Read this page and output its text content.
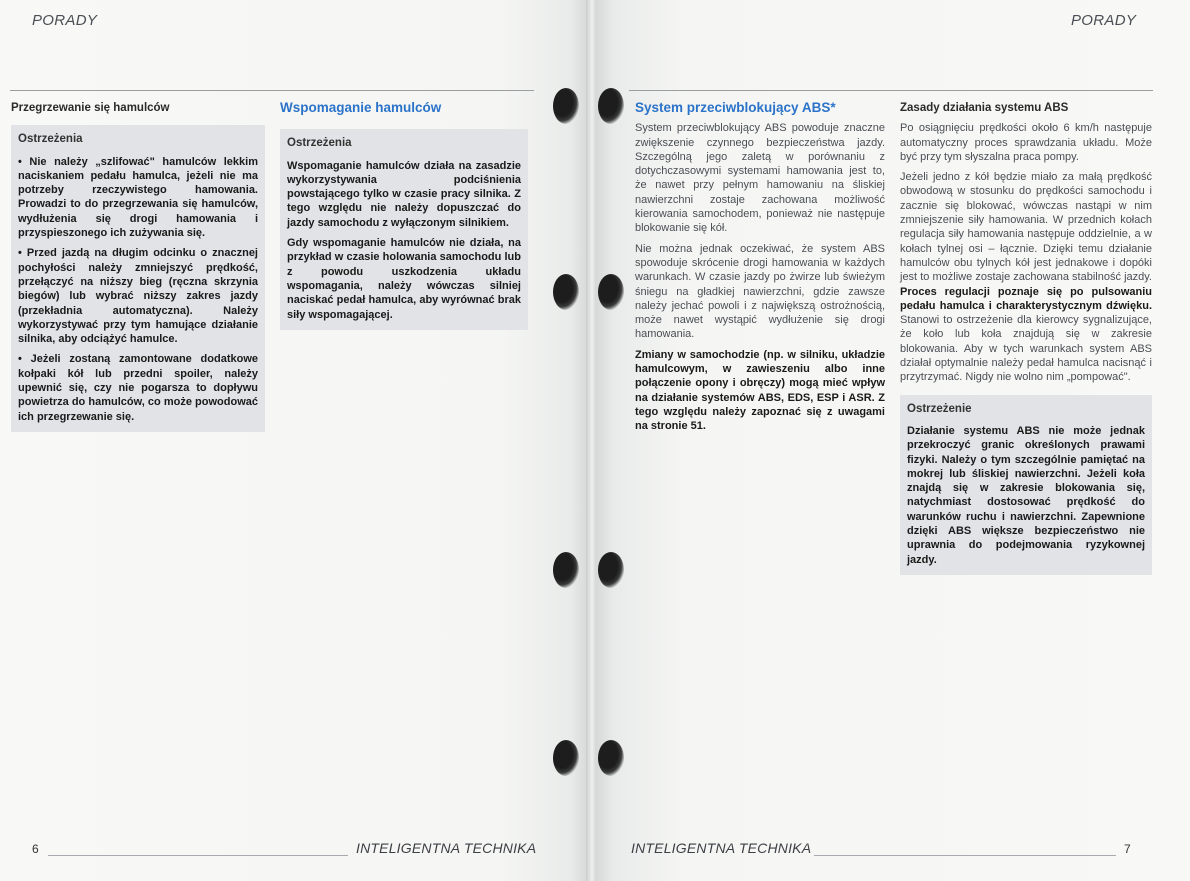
PORADY
Przegrzewanie się hamulców
Ostrzeżenia

• Nie należy „szlifować" hamulców lekkim naciskaniem pedału hamulca, jeżeli nie ma potrzeby rzeczywistego hamowania. Prowadzi to do przegrzewania się hamulców, wydłużenia się drogi hamowania i przyspieszonego ich zużywania się.

• Przed jazdą na długim odcinku o znacznej pochyłości należy zmniejszyć prędkość, przełączyć na niższy bieg (ręczna skrzynia biegów) lub wybrać niższy zakres jazdy (przekładnia automatyczna). Należy wykorzystywać przy tym hamujące działanie silnika, aby odciążyć hamulce.

• Jeżeli zostaną zamontowane dodatkowe kołpaki kół lub przedni spoiler, należy upewnić się, czy nie pogarsza to dopływu powietrza do hamulców, co może powodować ich przegrzewanie się.

Wspomaganie hamulców
Ostrzeżenia

Wspomaganie hamulców działa na zasadzie wykorzystywania podciśnienia powstającego tylko w czasie pracy silnika. Z tego względu nie należy dopuszczać do jazdy samochodu z wyłączonym silnikiem.

Gdy wspomaganie hamulców nie działa, na przykład w czasie holowania samochodu lub z powodu uszkodzenia układu wspomagania, należy wówczas silniej naciskać pedał hamulca, aby wyrównać brak siły wspomagającej.

6	INTELIGENTNA TECHNIKA
PORADY
System przeciwblokujący ABS*

System przeciwblokujący ABS powoduje znaczne zwiększenie czynnego bezpieczeństwa jazdy. Szczególną jego zaletą w porównaniu z dotychczasowymi systemami hamowania jest to, że nawet przy pełnym hamowaniu na śliskiej nawierzchni zostaje zachowana możliwość kierowania samochodem, ponieważ nie następuje blokowanie się kół.

Nie można jednak oczekiwać, że system ABS spowoduje skrócenie drogi hamowania w każdych warunkach. W czasie jazdy po żwirze lub świeżym śniegu na gładkiej nawierzchni, gdzie zawsze należy jechać powoli i z największą ostrożnością, może nawet wystąpić wydłużenie się drogi hamowania.

Zmiany w samochodzie (np. w silniku, układzie hamulcowym, w zawieszeniu albo inne połączenie opony i obręczy) mogą mieć wpływ na działanie systemów ABS, EDS, ESP i ASR. Z tego względu należy zapoznać się z uwagami na stronie 51.

Zasady działania systemu ABS

Po osiągnięciu prędkości około 6 km/h następuje automatyczny proces sprawdzania układu. Może być przy tym słyszalna praca pompy.

Jeżeli jedno z kół będzie miało za małą prędkość obwodową w stosunku do prędkości samochodu i zacznie się blokować, wówczas nastąpi w nim zmniejszenie siły hamowania. W przednich kołach regulacja siły hamowania następuje oddzielnie, a w kołach tylnej osi – łącznie. Dzięki temu działanie hamulców obu tylnych kół jest jednakowe i dopóki jest to możliwe zostaje zachowana stabilność jazdy. Proces regulacji poznaje się po pulsowaniu pedału hamulca i charakterystycznym dźwięku. Stanowi to ostrzeżenie dla kierowcy sygnalizujące, że koło lub koła znajdują się w zakresie blokowania. Aby w tych warunkach system ABS działał optymalnie należy pedał hamulca nacisnąć i przytrzymać. Nigdy nie wolno nim „pompować".

Ostrzeżenie

Działanie systemu ABS nie może jednak przekroczyć granic określonych prawami fizyki. Należy o tym szczególnie pamiętać na mokrej lub śliskiej nawierzchni. Jeżeli koła znajdą się w zakresie blokowania się, natychmiast dostosować prędkość do warunków ruchu i nawierzchni. Zapewnione dzięki ABS większe bezpieczeństwo nie uprawnia do podejmowania ryzykownej jazdy.

INTELIGENTNA TECHNIKA	7
